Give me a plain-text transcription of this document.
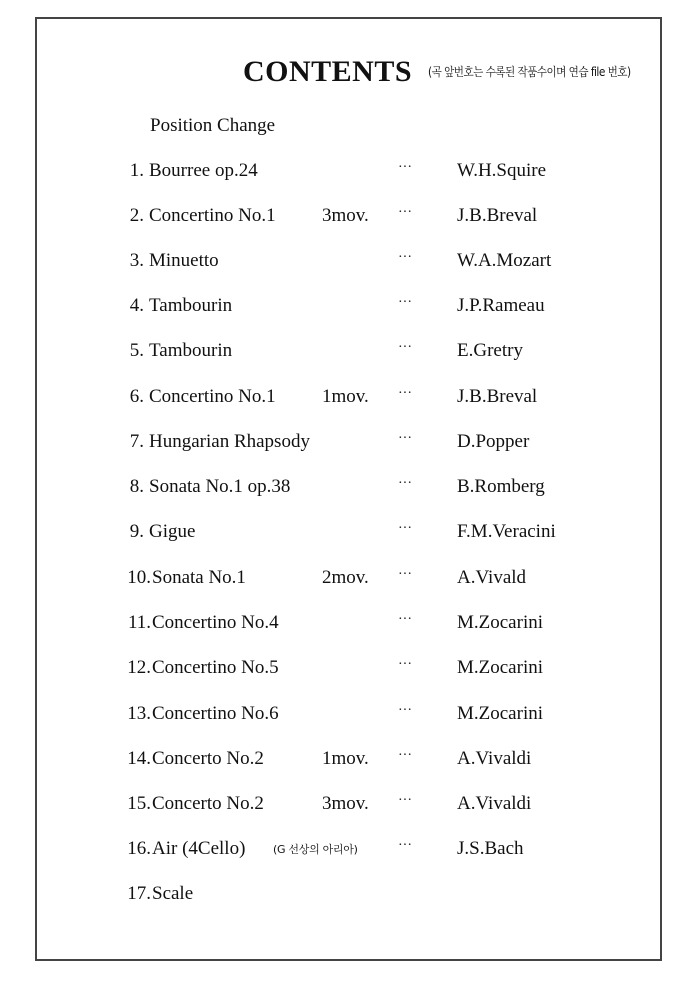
CONTENTS (곡 앞번호는 수록된 작품수이며 연습 file 번호)
Position Change
1. Bourree op.24	··· W.H.Squire
2. Concertino No.1 3mov. ··· J.B.Breval
3. Minuetto	··· W.A.Mozart
4. Tambourin	··· J.P.Rameau
5. Tambourin	··· E.Gretry
6. Concertino No.1 1mov. ··· J.B.Breval
7. Hungarian Rhapsody	··· D.Popper
8. Sonata No.1 op.38	··· B.Romberg
9. Gigue	··· F.M.Veracini
10. Sonata No.1	2mov. ··· A.Vivald
11. Concertino No.4	··· M.Zocarini
12. Concertino No.5	··· M.Zocarini
13. Concertino No.6	··· M.Zocarini
14. Concerto No.2	1mov. ··· A.Vivaldi
15. Concerto No.2	3mov. ··· A.Vivaldi
16. Air (4Cello)	(G 선상의 아리아)	··· J.S.Bach
17. Scale
